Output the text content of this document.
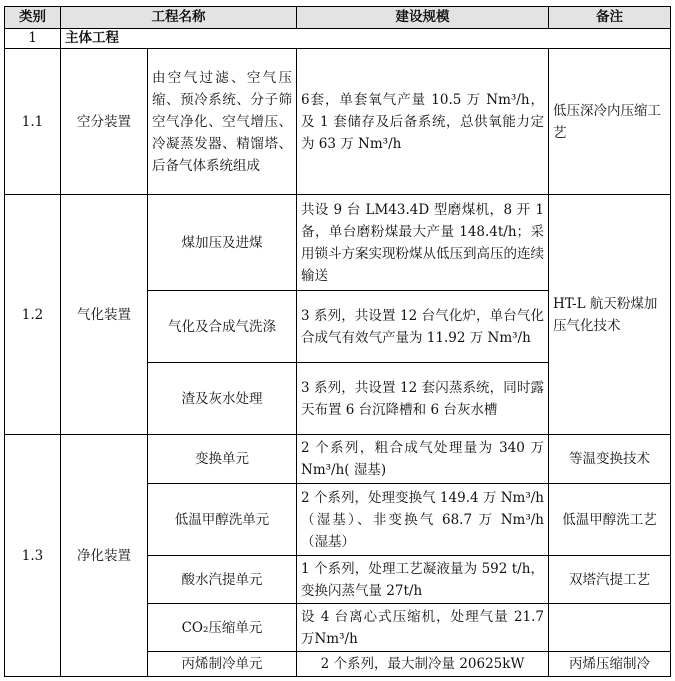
类别	工程名称		建设规模	备注
1	主体工程			
1.1	空分装置	由空气过滤、空气压缩、预冷系统、分子筛空气净化、空气增压、冷凝蒸发器、精馏塔、后备气体系统组成	6套，单套氧气产量 10.5 万 Nm³/h，及 1 套储存及后备系统，总供氧能力定为 63 万 Nm³/h	低压深冷内压缩工艺
1.2	气化装置	煤加压及进煤	共设 9 台 LM43.4D 型磨煤机，8 开 1 备，单台磨粉煤最大产量 148.4t/h；采用锁斗方案实现粉煤从低压到高压的连续输送	HT-L 航天粉煤加压气化技术
		气化及合成气洗涤	3 系列，共设置 12 台气化炉，单台气化合成气有效气产量为 11.92 万 Nm³/h	
		渣及灰水处理	3 系列，共设置 12 套闪蒸系统，同时露天布置 6 台沉降槽和 6 台灰水槽	
1.3	净化装置	变换单元	2 个系列，粗合成气处理量为 340 万Nm³/h( 湿基)	等温变换技术
		低温甲醇洗单元	2 个系列，处理变换气 149.4 万 Nm³/h（湿基）、非变换气 68.7 万 Nm³/h （湿基）	低温甲醇洗工艺
		酸水汽提单元	1 个系列，处理工艺凝液量为 592 t/h，变换闪蒸气量 27t/h	双塔汽提工艺
		CO₂压缩单元	设 4 台离心式压缩机，处理气量 21.7 万Nm³/h	
		丙烯制冷单元	2 个系列，最大制冷量 20625kW	丙烯压缩制冷
